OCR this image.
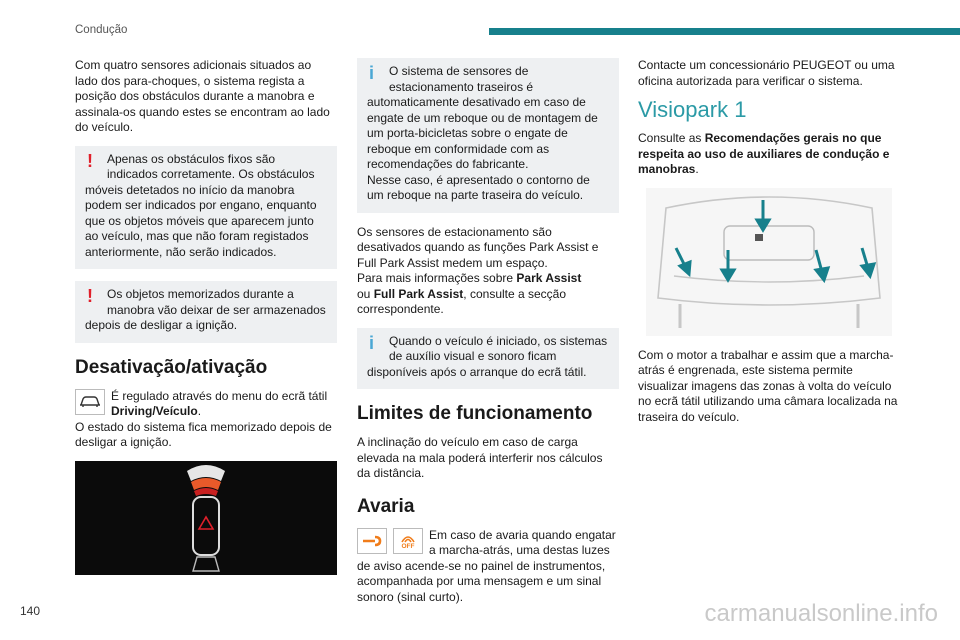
Condução

Com quatro sensores adicionais situados ao lado dos para-choques, o sistema regista a posição dos obstáculos durante a manobra e assinala-os quando estes se encontram ao lado do veículo.

!	Apenas os obstáculos fixos são
indicados corretamente. Os obstáculos
móveis detetados no início da manobra podem ser indicados por engano, enquanto que os objetos móveis que aparecem junto ao veículo, mas que não foram registados anteriormente, não serão indicados.
!	Os objetos memorizados durante a
manobra vão deixar de ser armazenados
depois de desligar a ignição.
Desativação/ativação
É regulado através do menu do ecrã tátil
Driving/Veículo.

O estado do sistema fica memorizado depois de desligar a ignição.

i	O sistema de sensores de
estacionamento traseiros é
automaticamente desativado em caso de engate de um reboque ou de montagem de um porta-bicicletas sobre o engate de reboque em conformidade com as recomendações do fabricante.
Nesse caso, é apresentado o contorno de um reboque na parte traseira do veículo.

Os sensores de estacionamento são desativados quando as funções Park Assist e Full Park Assist medem um espaço.

Para mais informações sobre Park Assist
ou Full Park Assist, consulte a secção correspondente.

i	Quando o veículo é iniciado, os sistemas
de auxílio visual e sonoro ficam
disponíveis após o arranque do ecrã tátil.
Limites de funcionamento

A inclinação do veículo em caso de carga elevada na mala poderá interferir nos cálculos da distância.

Avaria
OFF
Em caso de avaria quando engatar
a marcha-atrás, uma destas luzes

de aviso acende-se no painel de instrumentos, acompanhada por uma mensagem e um sinal sonoro (sinal curto).

Contacte um concessionário PEUGEOT ou uma oficina autorizada para verificar o sistema.

Visiopark 1

Consulte as Recomendações gerais no que respeita ao uso de auxiliares de condução e manobras.

Com o motor a trabalhar e assim que a marcha-atrás é engrenada, este sistema permite visualizar imagens das zonas à volta do veículo no ecrã tátil utilizando uma câmara localizada na traseira do veículo.

140	carmanualsonline.info
